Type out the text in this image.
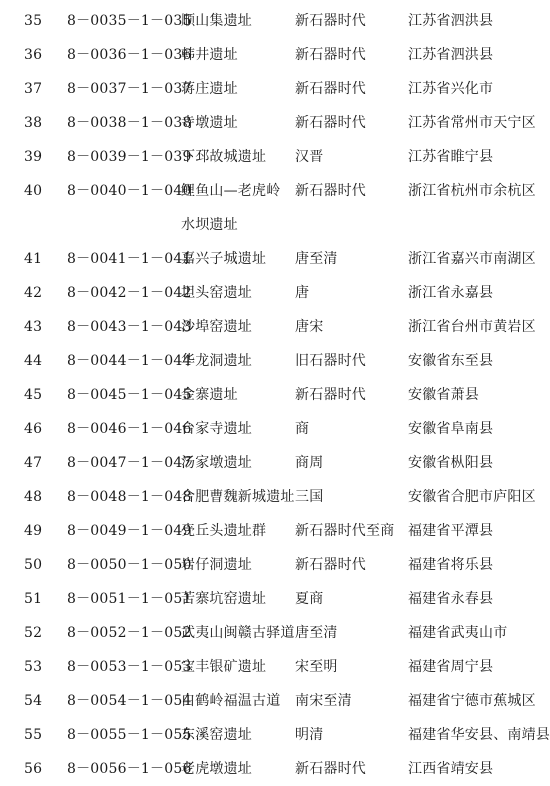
35 8－0035－1－035
顺山集遗址	新石器时代	江苏省泗洪县
36 8－0036－1－036
韩井遗址	新石器时代	江苏省泗洪县
37 8－0037－1－037
蒋庄遗址	新石器时代	江苏省兴化市
38 8－0038－1－038
寺墩遗址	新石器时代	江苏省常州市天宁区
39 8－0039－1－039
下邳故城遗址 汉晋	江苏省睢宁县
40 8－0040－1－040
鲤鱼山—老虎岭水坝遗址
新石器时代	浙江省杭州市余杭区
41 8－0041－1－041
嘉兴子城遗址 唐至清	浙江省嘉兴市南湖区
42 8－0042－1－042
坦头窑遗址	唐	浙江省永嘉县
43 8－0043－1－043
沙埠窑遗址	唐宋	浙江省台州市黄岩区
44 8－0044－1－044
华龙洞遗址	旧石器时代	安徽省东至县
45 8－0045－1－045
金寨遗址	新石器时代	安徽省萧县
46 8－0046－1－046
台家寺遗址	商	安徽省阜南县
47 8－0047－1－047
汤家墩遗址	商周	安徽省枞阳县
48 8－0048－1－048
合肥曹魏新城遗址 三国	安徽省合肥市庐阳区
49 8－0049－1－049
壳丘头遗址群 新石器时代至商 福建省平潭县
50 8－0050－1－050
岩仔洞遗址	新石器时代	福建省将乐县
51 8－0051－1－051
苦寨坑窑遗址 夏商	福建省永春县
52 8－0052－1－052
武夷山闽赣古驿道 唐至清	福建省武夷山市
53 8－0053－1－053
宝丰银矿遗址 宋至明	福建省周宁县
54 8－0054－1－054
白鹤岭福温古道 南宋至清	福建省宁德市蕉城区
55 8－0055－1－055
东溪窑遗址	明清	福建省华安县、南靖县
56 8－0056－1－056
老虎墩遗址	新石器时代	江西省靖安县
